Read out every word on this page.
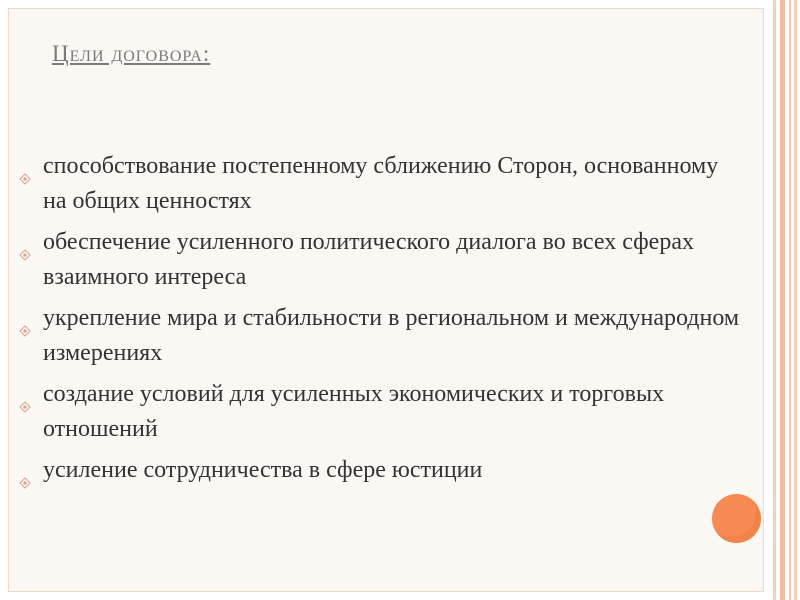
Цели договора:
способствование постепенному сближению Сторон, основанному на общих ценностях
обеспечение усиленного политического диалога во всех сферах взаимного интереса
укрепление мира и стабильности в региональном и международном измерениях
создание условий для усиленных экономических и торговых отношений
усиление сотрудничества в сфере юстиции
